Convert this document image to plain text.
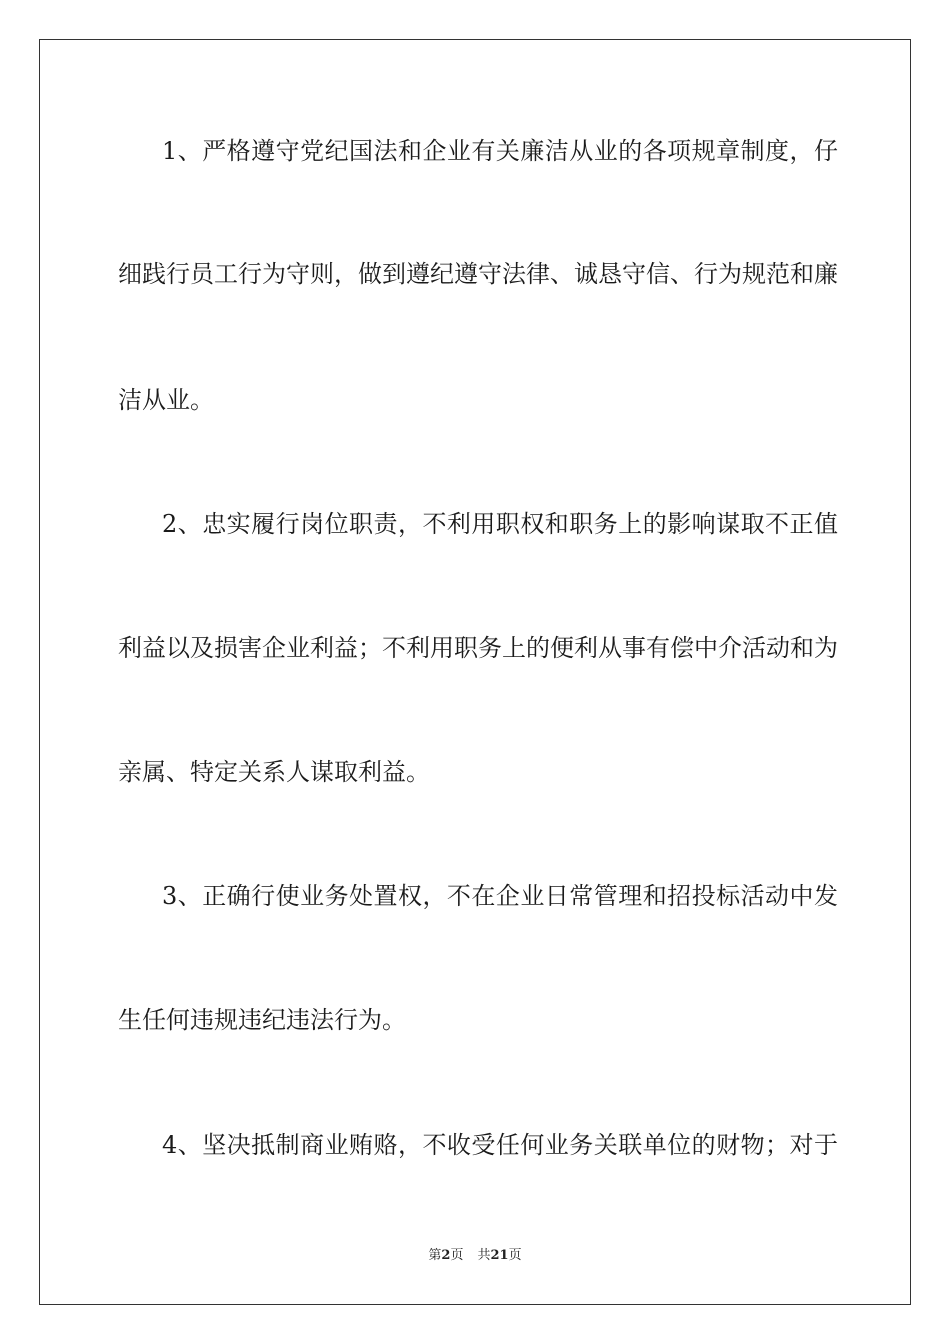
1、严格遵守党纪国法和企业有关廉洁从业的各项规章制度，仔
细践行员工行为守则，做到遵纪遵守法律、诚恳守信、行为规范和廉
洁从业。
2、忠实履行岗位职责，不利用职权和职务上的影响谋取不正值
利益以及损害企业利益；不利用职务上的便利从事有偿中介活动和为
亲属、特定关系人谋取利益。
3、正确行使业务处置权，不在企业日常管理和招投标活动中发
生任何违规违纪违法行为。
4、坚决抵制商业贿赂，不收受任何业务关联单位的财物；对于
第2页 共21页
